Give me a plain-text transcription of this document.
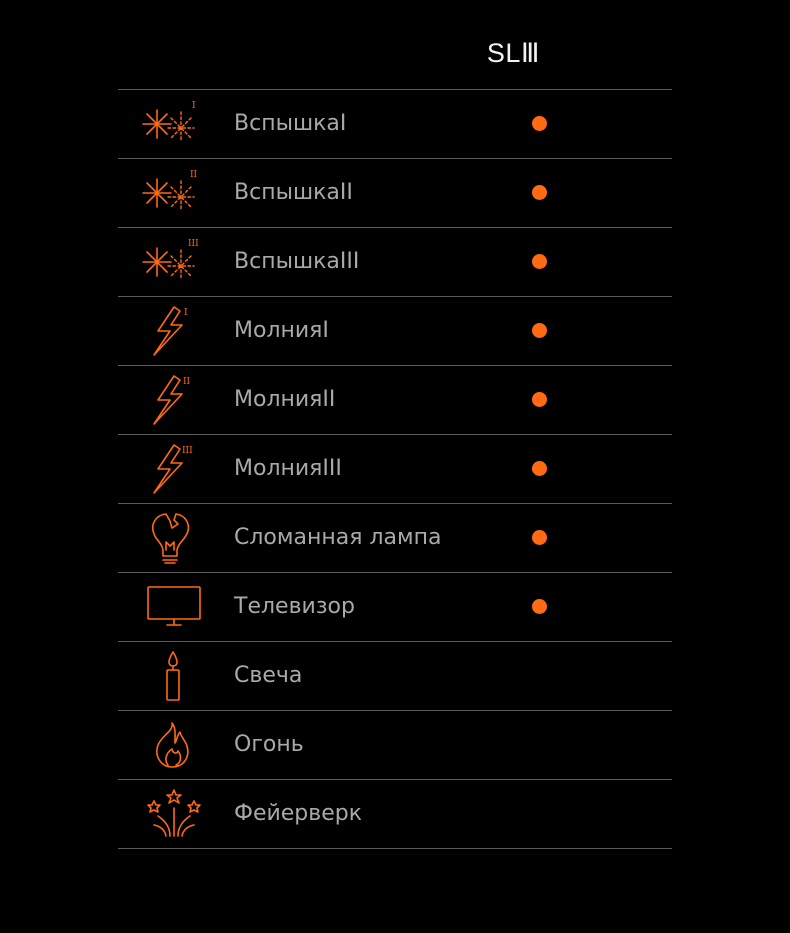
SLⅢ
I
ВспышкаI
II
ВспышкаII
III
ВспышкаIII
I
МолнияI
II
МолнияII
III
МолнияIII
Сломанная лампа
Телевизор
Свеча
Огонь
Фейерверк
